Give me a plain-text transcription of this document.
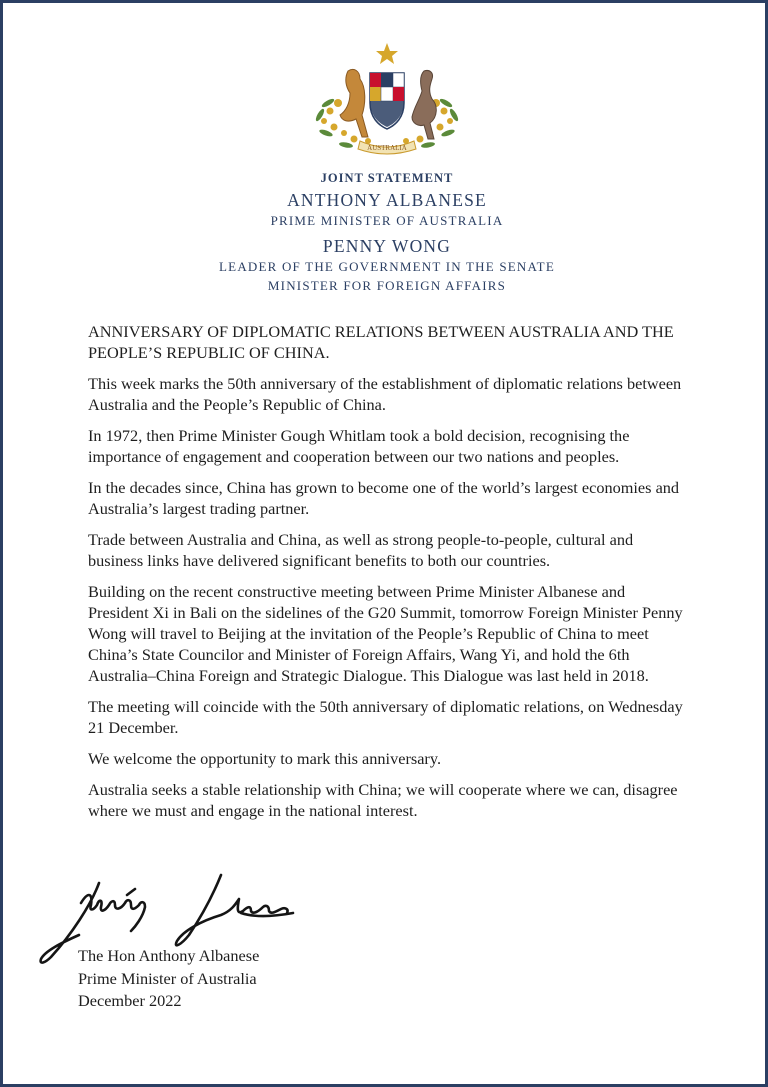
AUSTRALIA
JOINT STATEMENT
ANTHONY ALBANESE
PRIME MINISTER OF AUSTRALIA
PENNY WONG
LEADER OF THE GOVERNMENT IN THE SENATE
MINISTER FOR FOREIGN AFFAIRS

ANNIVERSARY OF DIPLOMATIC RELATIONS BETWEEN AUSTRALIA AND THE PEOPLE’S REPUBLIC OF CHINA.

This week marks the 50th anniversary of the establishment of diplomatic relations between Australia and the People’s Republic of China.

In 1972, then Prime Minister Gough Whitlam took a bold decision, recognising the importance of engagement and cooperation between our two nations and peoples.

In the decades since, China has grown to become one of the world’s largest economies and Australia’s largest trading partner.

Trade between Australia and China, as well as strong people-to-people, cultural and business links have delivered significant benefits to both our countries.

Building on the recent constructive meeting between Prime Minister Albanese and President Xi in Bali on the sidelines of the G20 Summit, tomorrow Foreign Minister Penny Wong will travel to Beijing at the invitation of the People’s Republic of China to meet China’s State Councilor and Minister of Foreign Affairs, Wang Yi, and hold the 6th Australia–China Foreign and Strategic Dialogue. This Dialogue was last held in 2018.

The meeting will coincide with the 50th anniversary of diplomatic relations, on Wednesday 21 December.

We welcome the opportunity to mark this anniversary.

Australia seeks a stable relationship with China; we will cooperate where we can, disagree where we must and engage in the national interest.

The Hon Anthony Albanese
Prime Minister of Australia
December 2022
